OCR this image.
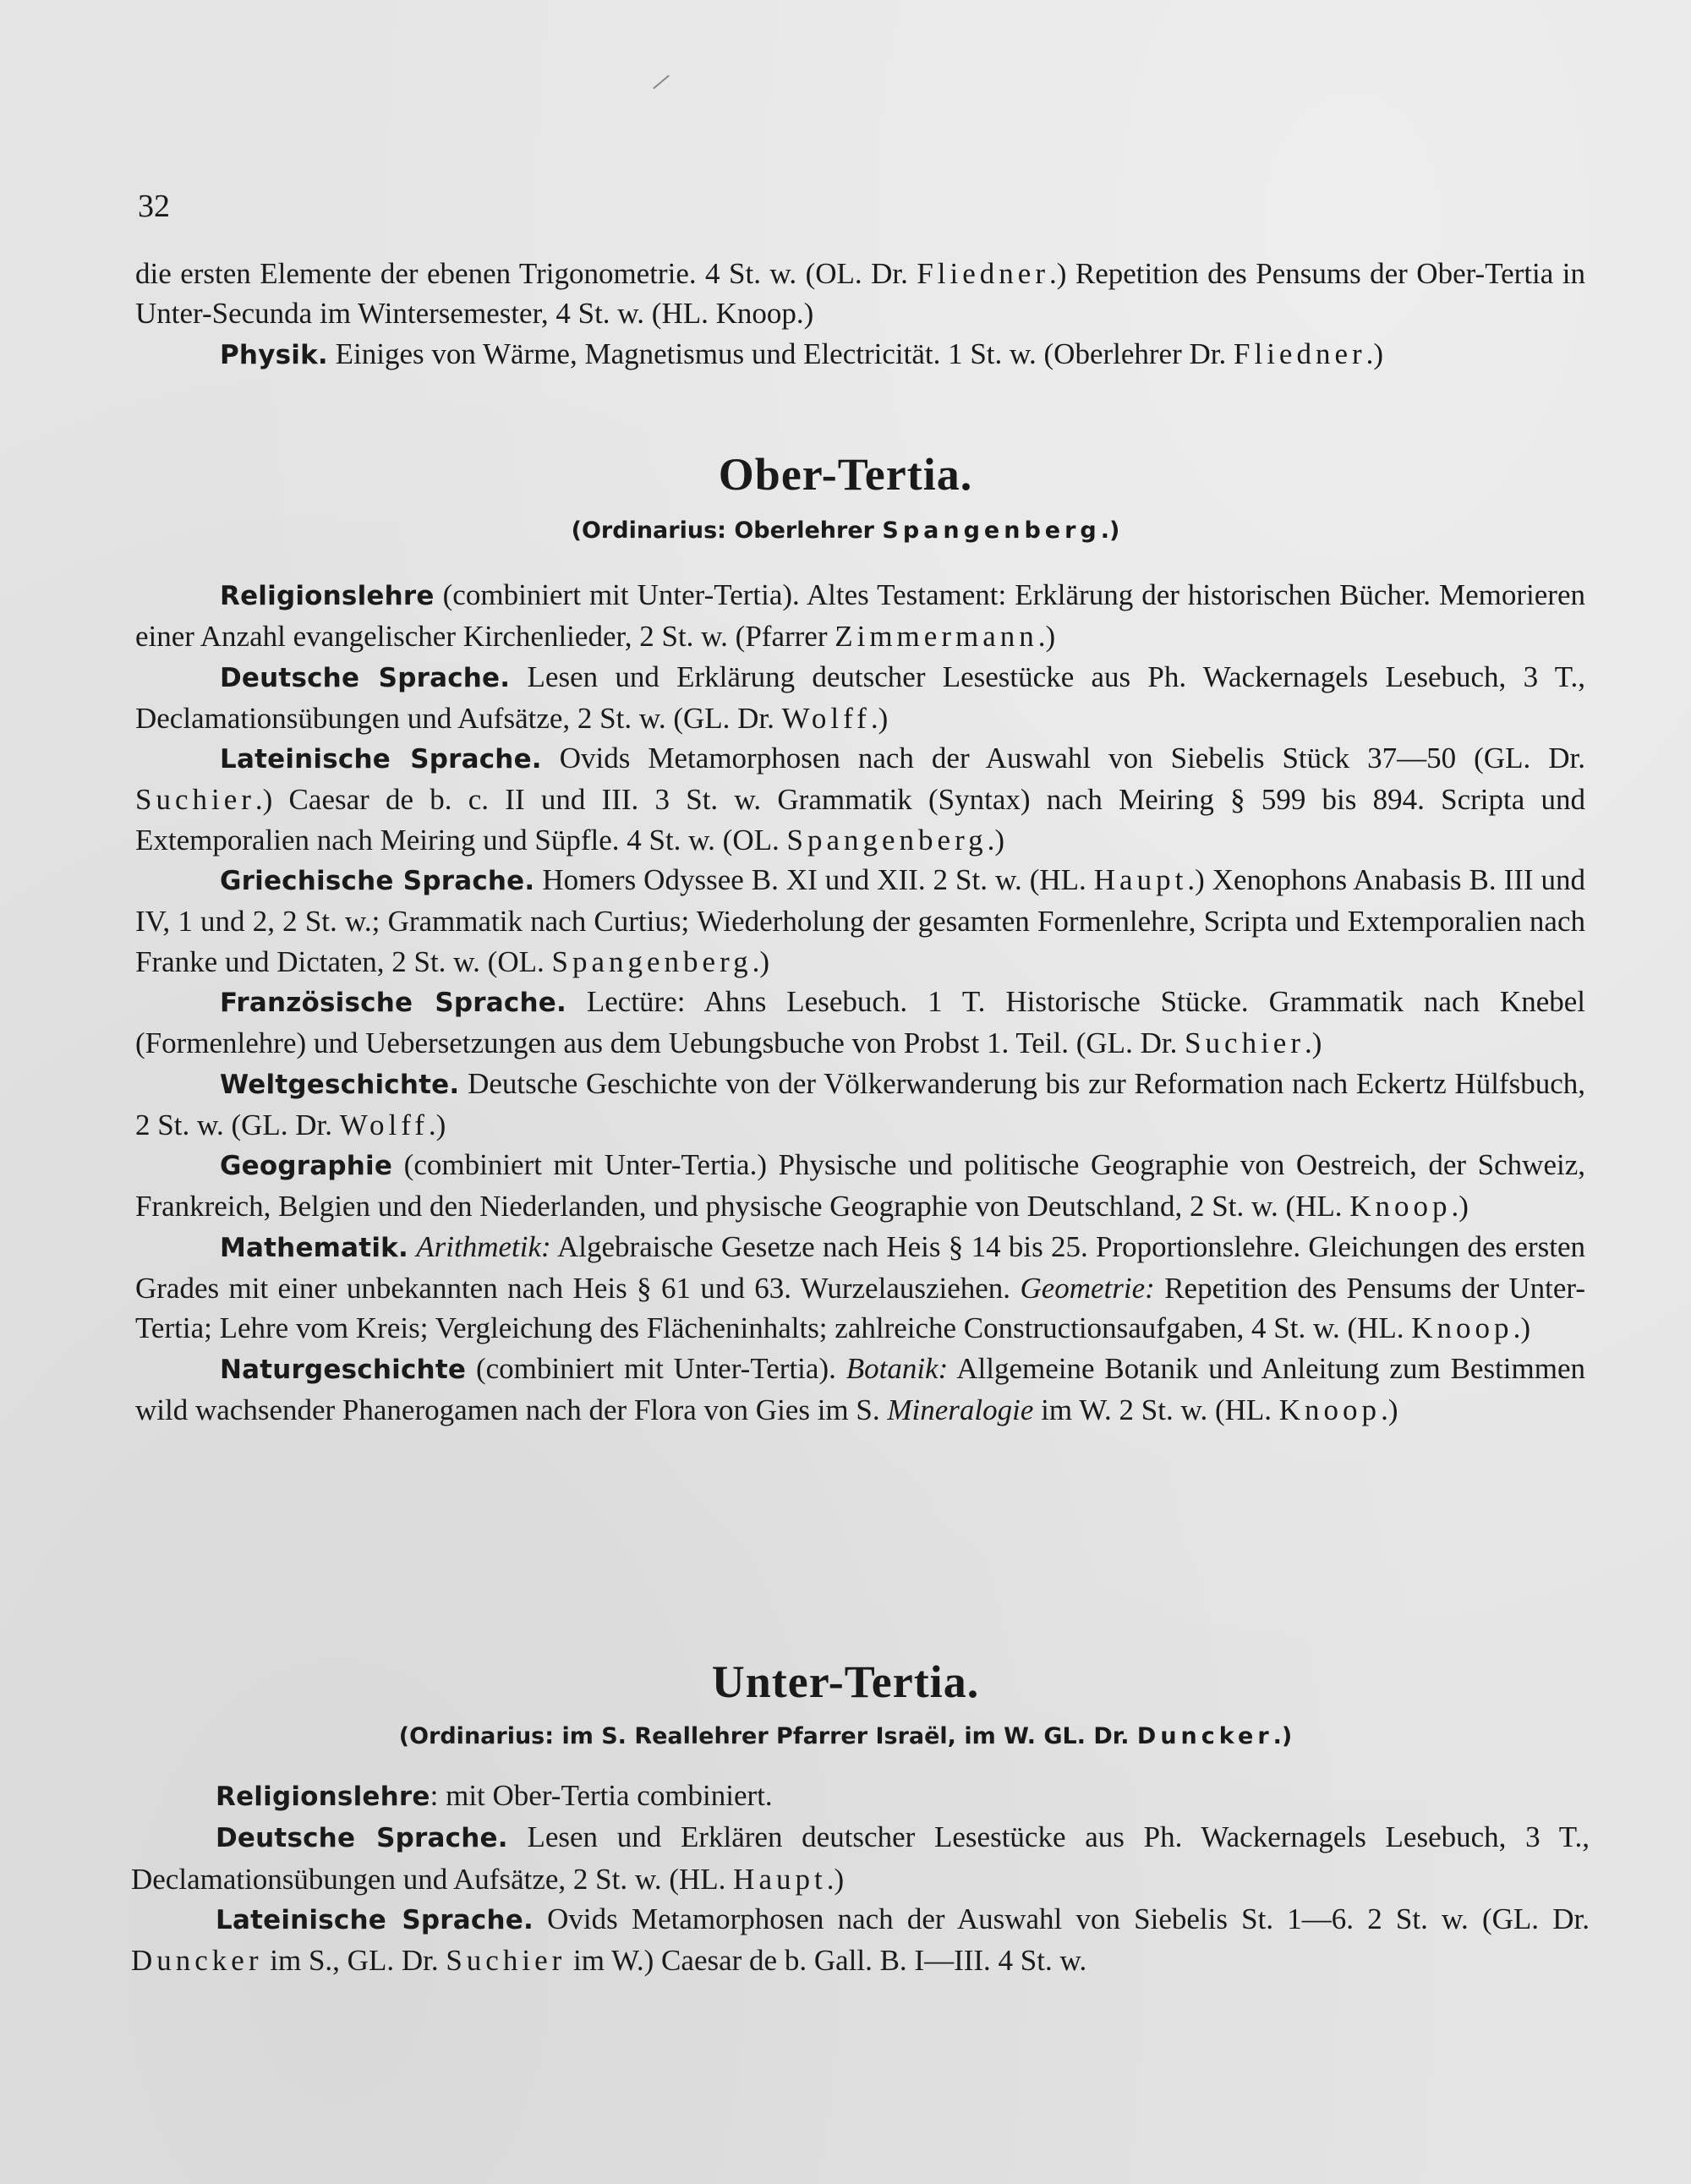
32

die ersten Elemente der ebenen Trigonometrie. 4 St. w. (OL. Dr. Fliedner.) Repetition des Pensums der Ober-Tertia in Unter-Secunda im Wintersemester, 4 St. w. (HL. Knoop.)

Physik. Einiges von Wärme, Magnetismus und Electricität. 1 St. w. (Oberlehrer Dr. Fliedner.)

Ober-Tertia.
(Ordinarius: Oberlehrer Spangenberg.)

Religionslehre (combiniert mit Unter-Tertia). Altes Testament: Erklärung der historischen Bücher. Memorieren einer Anzahl evangelischer Kirchenlieder, 2 St. w. (Pfarrer Zimmermann.)

Deutsche Sprache. Lesen und Erklärung deutscher Lesestücke aus Ph. Wackernagels Lesebuch, 3 T., Declamationsübungen und Aufsätze, 2 St. w. (GL. Dr. Wolff.)

Lateinische Sprache. Ovids Metamorphosen nach der Auswahl von Siebelis Stück 37—50 (GL. Dr. Suchier.) Caesar de b. c. II und III. 3 St. w. Grammatik (Syntax) nach Meiring § 599 bis 894. Scripta und Extemporalien nach Meiring und Süpfle. 4 St. w. (OL. Spangenberg.)

Griechische Sprache. Homers Odyssee B. XI und XII. 2 St. w. (HL. Haupt.) Xenophons Anabasis B. III und IV, 1 und 2, 2 St. w.; Grammatik nach Curtius; Wiederholung der gesamten Formenlehre, Scripta und Extemporalien nach Franke und Dictaten, 2 St. w. (OL. Spangenberg.)

Französische Sprache. Lectüre: Ahns Lesebuch. 1 T. Historische Stücke. Grammatik nach Knebel (Formenlehre) und Uebersetzungen aus dem Uebungsbuche von Probst 1. Teil. (GL. Dr. Suchier.)

Weltgeschichte. Deutsche Geschichte von der Völkerwanderung bis zur Reformation nach Eckertz Hülfsbuch, 2 St. w. (GL. Dr. Wolff.)

Geographie (combiniert mit Unter-Tertia.) Physische und politische Geographie von Oestreich, der Schweiz, Frankreich, Belgien und den Niederlanden, und physische Geographie von Deutschland, 2 St. w. (HL. Knoop.)

Mathematik. Arithmetik: Algebraische Gesetze nach Heis § 14 bis 25. Proportionslehre. Gleichungen des ersten Grades mit einer unbekannten nach Heis § 61 und 63. Wurzelausziehen. Geometrie: Repetition des Pensums der Unter-Tertia; Lehre vom Kreis; Vergleichung des Flächeninhalts; zahlreiche Constructionsaufgaben, 4 St. w. (HL. Knoop.)

Naturgeschichte (combiniert mit Unter-Tertia). Botanik: Allgemeine Botanik und Anleitung zum Bestimmen wild wachsender Phanerogamen nach der Flora von Gies im S. Mineralogie im W. 2 St. w. (HL. Knoop.)

Unter-Tertia.
(Ordinarius: im S. Reallehrer Pfarrer Israël, im W. GL. Dr. Duncker.)

Religionslehre: mit Ober-Tertia combiniert.

Deutsche Sprache. Lesen und Erklären deutscher Lesestücke aus Ph. Wackernagels Lesebuch, 3 T., Declamationsübungen und Aufsätze, 2 St. w. (HL. Haupt.)

Lateinische Sprache. Ovids Metamorphosen nach der Auswahl von Siebelis St. 1—6. 2 St. w. (GL. Dr. Duncker im S., GL. Dr. Suchier im W.) Caesar de b. Gall. B. I—III. 4 St. w.
